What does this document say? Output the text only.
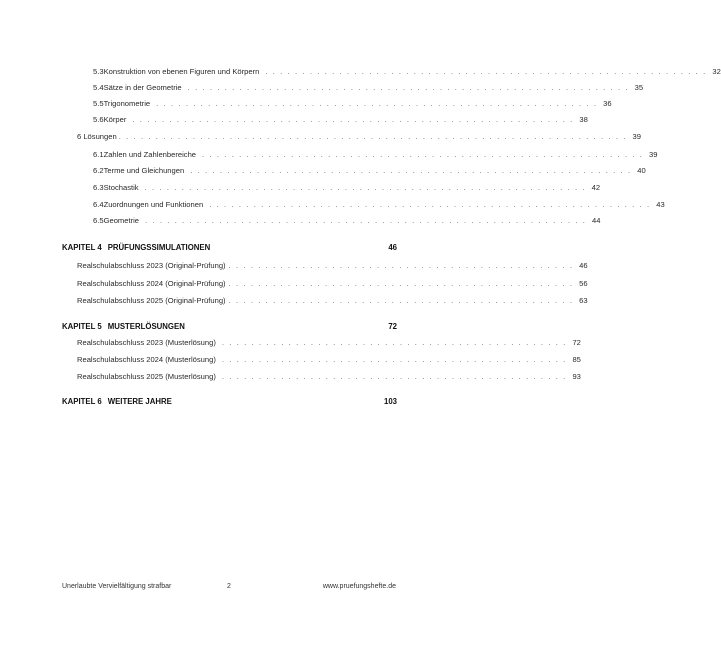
5.3 Konstruktion von ebenen Figuren und Körpern . . . . . . . . . . . . . . . . . . . . . . . . . . . . . . . . . . . . . . . . . . . . . . . . . . . . . . . . . . . . 32
5.4 Sätze in der Geometrie . . . . . . . . . . . . . . . . . . . . . . . . . . . . . . . . . . . . . . . . . . . . . . . . . . . . . . . . . . . . 35
5.5 Trigonometrie . . . . . . . . . . . . . . . . . . . . . . . . . . . . . . . . . . . . . . . . . . . . . . . . . . . . . . . . . . . . 36
5.6 Körper . . . . . . . . . . . . . . . . . . . . . . . . . . . . . . . . . . . . . . . . . . . . . . . . . . . . . . . . . . . . 38
6 Lösungen . . . . . . . . . . . . . . . . . . . . . . . . . . . . . . . . . . . . . . . . . . . . . . . . . . . . . . . . . . . . . . . . . . . . . 39
6.1 Zahlen und Zahlenbereiche . . . . . . . . . . . . . . . . . . . . . . . . . . . . . . . . . . . . . . . . . . . . . . . . . . . . . . . . . . . . 39
6.2 Terme und Gleichungen . . . . . . . . . . . . . . . . . . . . . . . . . . . . . . . . . . . . . . . . . . . . . . . . . . . . . . . . . . . . 40
6.3 Stochastik . . . . . . . . . . . . . . . . . . . . . . . . . . . . . . . . . . . . . . . . . . . . . . . . . . . . . . . . . . . . 42
6.4 Zuordnungen und Funktionen . . . . . . . . . . . . . . . . . . . . . . . . . . . . . . . . . . . . . . . . . . . . . . . . . . . . . . . . . . . . 43
6.5 Geometrie . . . . . . . . . . . . . . . . . . . . . . . . . . . . . . . . . . . . . . . . . . . . . . . . . . . . . . . . . . . . 44
KAPITEL 4 PRÜFUNGSSIMULATIONEN	46
Realschulabschluss 2023 (Original-Prüfung) . . . . . . . . . . . . . . . . . . . . . . . . . . . . . . . . . . . . . . . . . . . . . . . 46
Realschulabschluss 2024 (Original-Prüfung) . . . . . . . . . . . . . . . . . . . . . . . . . . . . . . . . . . . . . . . . . . . . . . . 56
Realschulabschluss 2025 (Original-Prüfung) . . . . . . . . . . . . . . . . . . . . . . . . . . . . . . . . . . . . . . . . . . . . . . . 63
KAPITEL 5 MUSTERLÖSUNGEN	72
Realschulabschluss 2023 (Musterlösung) . . . . . . . . . . . . . . . . . . . . . . . . . . . . . . . . . . . . . . . . . . . . . . . 72
Realschulabschluss 2024 (Musterlösung) . . . . . . . . . . . . . . . . . . . . . . . . . . . . . . . . . . . . . . . . . . . . . . . 85
Realschulabschluss 2025 (Musterlösung) . . . . . . . . . . . . . . . . . . . . . . . . . . . . . . . . . . . . . . . . . . . . . . . 93
KAPITEL 6 WEITERE JAHRE	103
Unerlaubte Vervielfältigung strafbar	2	www.pruefungshefte.de
